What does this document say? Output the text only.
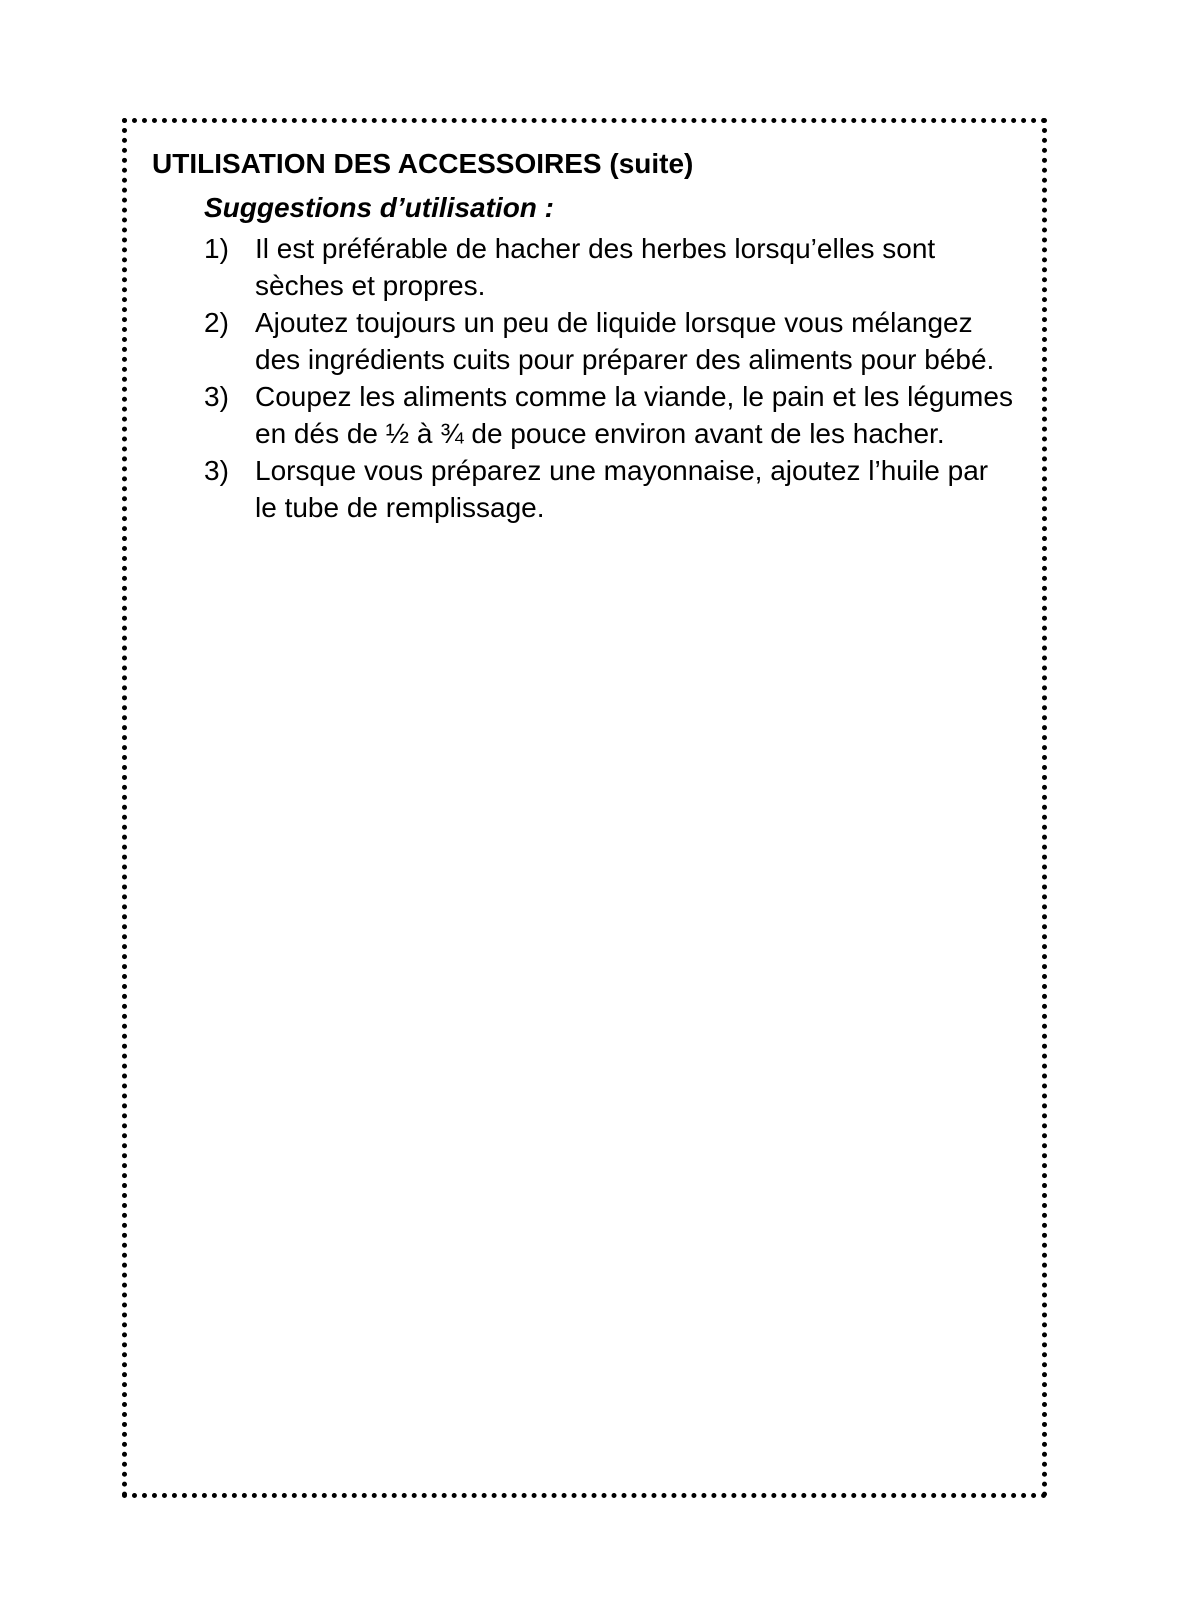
UTILISATION DES ACCESSOIRES (suite)
Suggestions d’utilisation :
1) Il est préférable de hacher des herbes lorsqu’elles sont sèches et propres.
2) Ajoutez toujours un peu de liquide lorsque vous mélangez des ingrédients cuits pour préparer des aliments pour bébé.
3) Coupez les aliments comme la viande, le pain et les légumes en dés de ½ à ¾ de pouce environ avant de les hacher.
3) Lorsque vous préparez une mayonnaise, ajoutez l’huile par le tube de remplissage.
